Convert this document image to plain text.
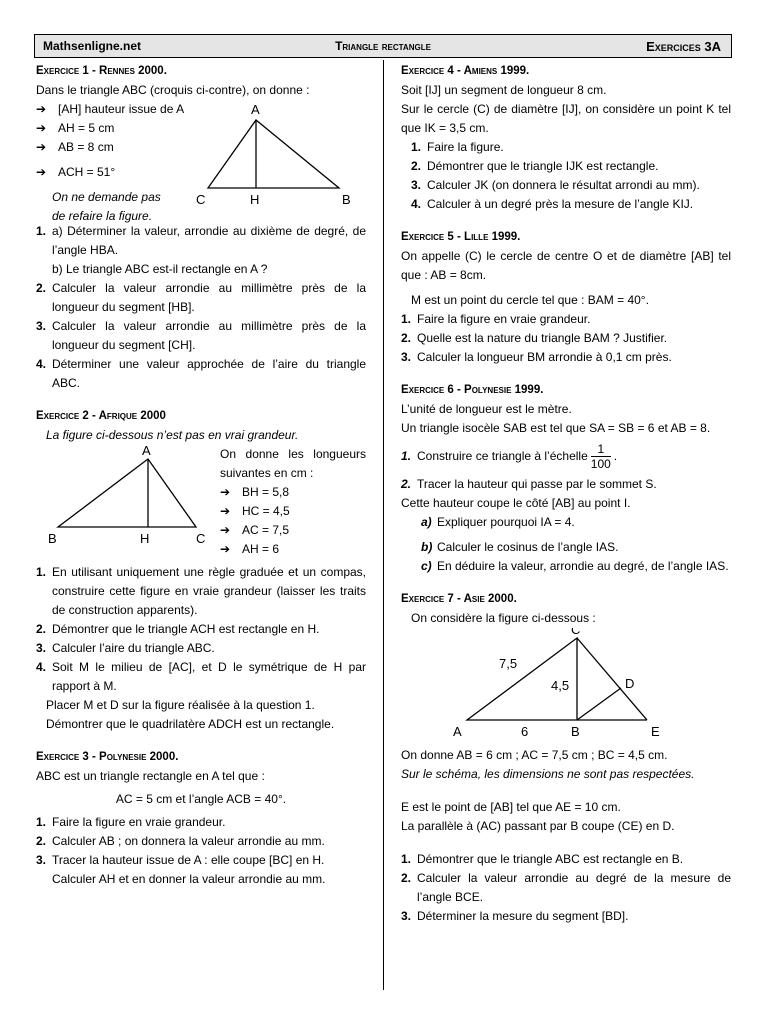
Mathsenligne.net	Triangle rectangle	Exercices 3A
Exercice 1 - Rennes 2000.
Dans le triangle ABC (croquis ci-contre), on donne :
➔ [AH] hauteur issue de A
➔ AH = 5 cm
➔ AB = 8 cm
➔ ACH = 51°
On ne demande pas
de refaire la figure.
A
C	H	B
1. a) Déterminer la valeur, arrondie au dixième de degré, de l’angle HBA.
b) Le triangle ABC est-il rectangle en A ?
2. Calculer la valeur arrondie au millimètre près de la longueur du segment [HB].
3. Calculer la valeur arrondie au millimètre près de la longueur du segment [CH].
4. Déterminer une valeur approchée de l’aire du triangle ABC.
Exercice 2 - Afrique 2000
La figure ci-dessous n’est pas en vrai grandeur.
A
B	H	C
On donne les longueurs suivantes en cm :
➔ BH = 5,8
➔ HC = 4,5
➔ AC = 7,5
➔ AH = 6
1. En utilisant uniquement une règle graduée et un compas, construire cette figure en vraie grandeur (laisser les traits de construction apparents).
2. Démontrer que le triangle ACH est rectangle en H.
3. Calculer l’aire du triangle ABC.
4. Soit M le milieu de [AC], et D le symétrique de H par rapport à M.
Placer M et D sur la figure réalisée à la question 1.
Démontrer que le quadrilatère ADCH est un rectangle.
Exercice 3 - Polynesie 2000.
ABC est un triangle rectangle en A tel que :
AC = 5 cm et l’angle ACB = 40°.
1. Faire la figure en vraie grandeur.
2. Calculer AB ; on donnera la valeur arrondie au mm.
3. Tracer la hauteur issue de A : elle coupe [BC] en H.
Calculer AH et en donner la valeur arrondie au mm.
Exercice 4 - Amiens 1999.
Soit [IJ] un segment de longueur 8 cm.
Sur le cercle (C) de diamètre [IJ], on considère un point K tel que IK = 3,5 cm.
1. Faire la figure.
2. Démontrer que le triangle IJK est rectangle.
3. Calculer JK (on donnera le résultat arrondi au mm).
4. Calculer à un degré près la mesure de l’angle KIJ.
Exercice 5 - Lille 1999.
On appelle (C) le cercle de centre O et de diamètre [AB] tel que : AB = 8cm.
M est un point du cercle tel que : BAM = 40°.
1. Faire la figure en vraie grandeur.
2. Quelle est la nature du triangle BAM ? Justifier.
3. Calculer la longueur BM arrondie à 0,1 cm près.
Exercice 6 - Polynesie 1999.
L’unité de longueur est le mètre.
Un triangle isocèle SAB est tel que SA = SB = 6 et AB = 8.
1. Construire ce triangle à l’échelle $\frac{1}{100}$ .
2. Tracer la hauteur qui passe par le sommet S.
Cette hauteur coupe le côté [AB] au point I.
a) Expliquer pourquoi IA = 4.
b) Calculer le cosinus de l’angle IAS.
c) En déduire la valeur, arrondie au degré, de l’angle IAS.
Exercice 7 - Asie 2000.
On considère la figure ci-dessous :
C
A	B	E
D
7,5
4,5
6
On donne AB = 6 cm ; AC = 7,5 cm ; BC = 4,5 cm.
Sur le schéma, les dimensions ne sont pas respectées.
E est le point de [AB] tel que AE = 10 cm.
La parallèle à (AC) passant par B coupe (CE) en D.
1. Démontrer que le triangle ABC est rectangle en B.
2. Calculer la valeur arrondie au degré de la mesure de l’angle BCE.
3. Déterminer la mesure du segment [BD].
